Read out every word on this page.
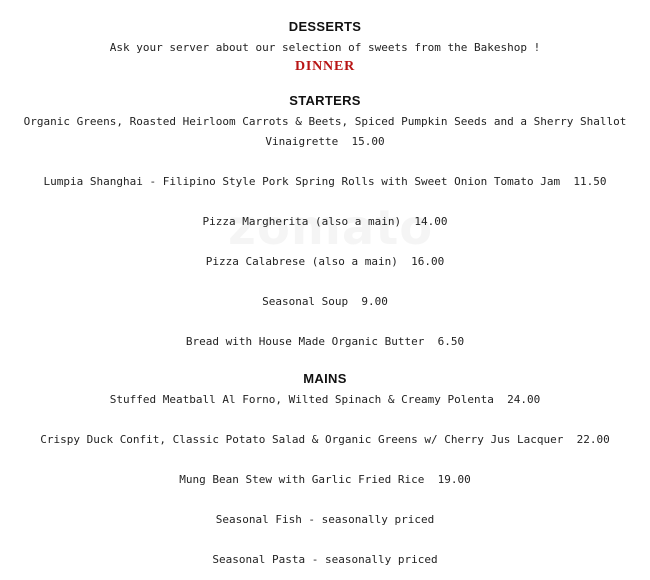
DESSERTS
Ask your server about our selection of sweets from the Bakeshop !
DINNER
STARTERS
Organic Greens, Roasted Heirloom Carrots & Beets, Spiced Pumpkin Seeds and a Sherry Shallot
Vinaigrette  15.00
Lumpia Shanghai - Filipino Style Pork Spring Rolls with Sweet Onion Tomato Jam  11.50
Pizza Margherita (also a main)  14.00
Pizza Calabrese (also a main)  16.00
Seasonal Soup  9.00
Bread with House Made Organic Butter  6.50
MAINS
Stuffed Meatball Al Forno, Wilted Spinach & Creamy Polenta  24.00
Crispy Duck Confit, Classic Potato Salad & Organic Greens w/ Cherry Jus Lacquer  22.00
Mung Bean Stew with Garlic Fried Rice  19.00
Seasonal Fish - seasonally priced
Seasonal Pasta - seasonally priced
